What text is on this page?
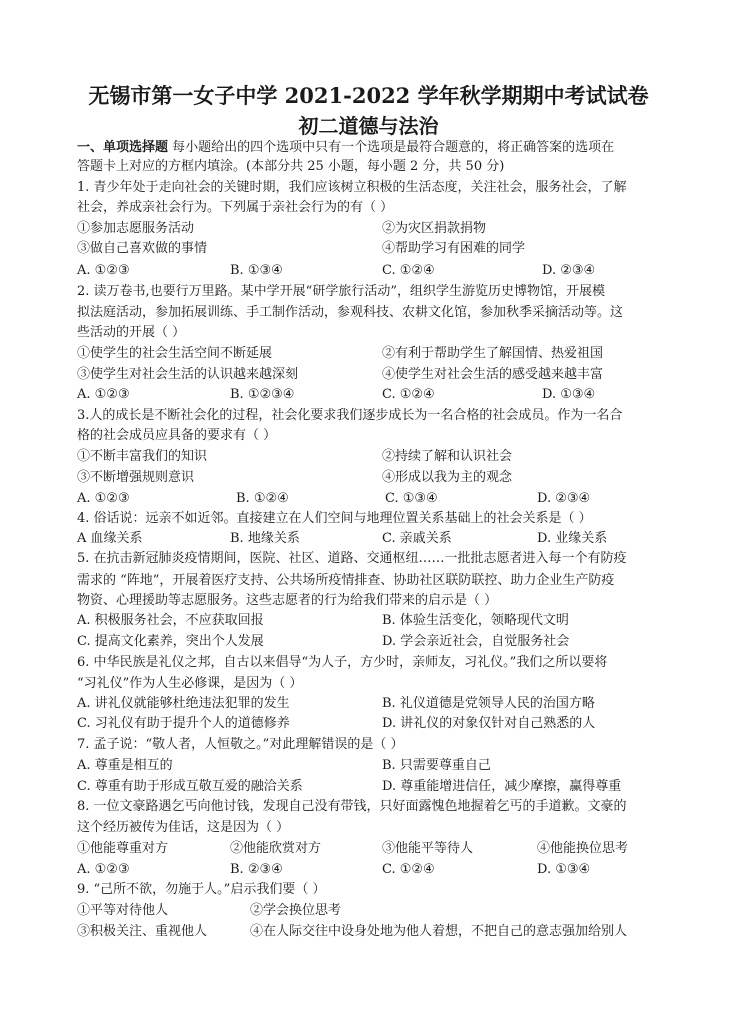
无锡市第一女子中学 2021-2022 学年秋学期期中考试试卷
初二道德与法治
一、单项选择题 每小题给出的四个选项中只有一个选项是最符合题意的，将正确答案的选项在
答题卡上对应的方框内填涂。(本部分共 25 小题，每小题 2 分，共 50 分)
1. 青少年处于走向社会的关键时期，我们应该树立积极的生活态度，关注社会，服务社会，了解
社会，养成亲社会行为。下列属于亲社会行为的有（ ）
①参加志愿服务活动	②为灾区捐款捐物
③做自己喜欢做的事情	④帮助学习有困难的同学
A. ①②③	B. ①③④	C. ①②④	D. ②③④
2. 读万卷书,也要行万里路。某中学开展“研学旅行活动”，组织学生游览历史博物馆，开展模
拟法庭活动，参加拓展训练、手工制作活动，参观科技、农耕文化馆，参加秋季采摘活动等。这
些活动的开展（ ）
①使学生的社会生活空间不断延展	②有利于帮助学生了解国情、热爱祖国
③使学生对社会生活的认识越来越深刻	④使学生对社会生活的感受越来越丰富
A. ①②③	B. ①②③④	C. ①②④	D. ①③④
3.人的成长是不断社会化的过程，社会化要求我们逐步成长为一名合格的社会成员。作为一名合
格的社会成员应具备的要求有（ ）
①不断丰富我们的知识	②持续了解和认识社会
③不断增强规则意识	④形成以我为主的观念
A. ①②③	B. ①②④	C. ①③④	D. ②③④
4. 俗话说：远亲不如近邻。直接建立在人们空间与地理位置关系基础上的社会关系是（ ）
A 血缘关系	B. 地缘关系	C. 亲戚关系	D. 业缘关系
5. 在抗击新冠肺炎疫情期间，医院、社区、道路、交通枢纽……一批批志愿者进入每一个有防疫
需求的 “阵地”，开展着医疗支持、公共场所疫情排查、协助社区联防联控、助力企业生产防疫
物资、心理援助等志愿服务。这些志愿者的行为给我们带来的启示是（ ）
A. 积极服务社会，不应获取回报	B. 体验生活变化，领略现代文明
C. 提高文化素养，突出个人发展	D. 学会亲近社会，自觉服务社会
6. 中华民族是礼仪之邦，自古以来倡导“为人子，方少时，亲师友，习礼仪。”我们之所以要将
“习礼仪”作为人生必修课，是因为（ ）
A. 讲礼仪就能够杜绝违法犯罪的发生	B. 礼仪道德是党领导人民的治国方略
C. 习礼仪有助于提升个人的道德修养	D. 讲礼仪的对象仅针对自己熟悉的人
7. 孟子说：“敬人者，人恒敬之。”对此理解错误的是（ ）
A. 尊重是相互的	B. 只需要尊重自己
C. 尊重有助于形成互敬互爱的融洽关系	D. 尊重能增进信任，减少摩擦，赢得尊重
8. 一位文豪路遇乞丐向他讨钱，发现自己没有带钱，只好面露愧色地握着乞丐的手道歉。文豪的
这个经历被传为佳话，这是因为（ ）
①他能尊重对方	②他能欣赏对方	③他能平等待人	④他能换位思考
A. ①②③	B. ②③④	C. ①②④	D. ①③④
9. “己所不欲，勿施于人。”启示我们要（ ）
①平等对待他人	②学会换位思考
③积极关注、重视他人	④在人际交往中设身处地为他人着想，不把自己的意志强加给别人
